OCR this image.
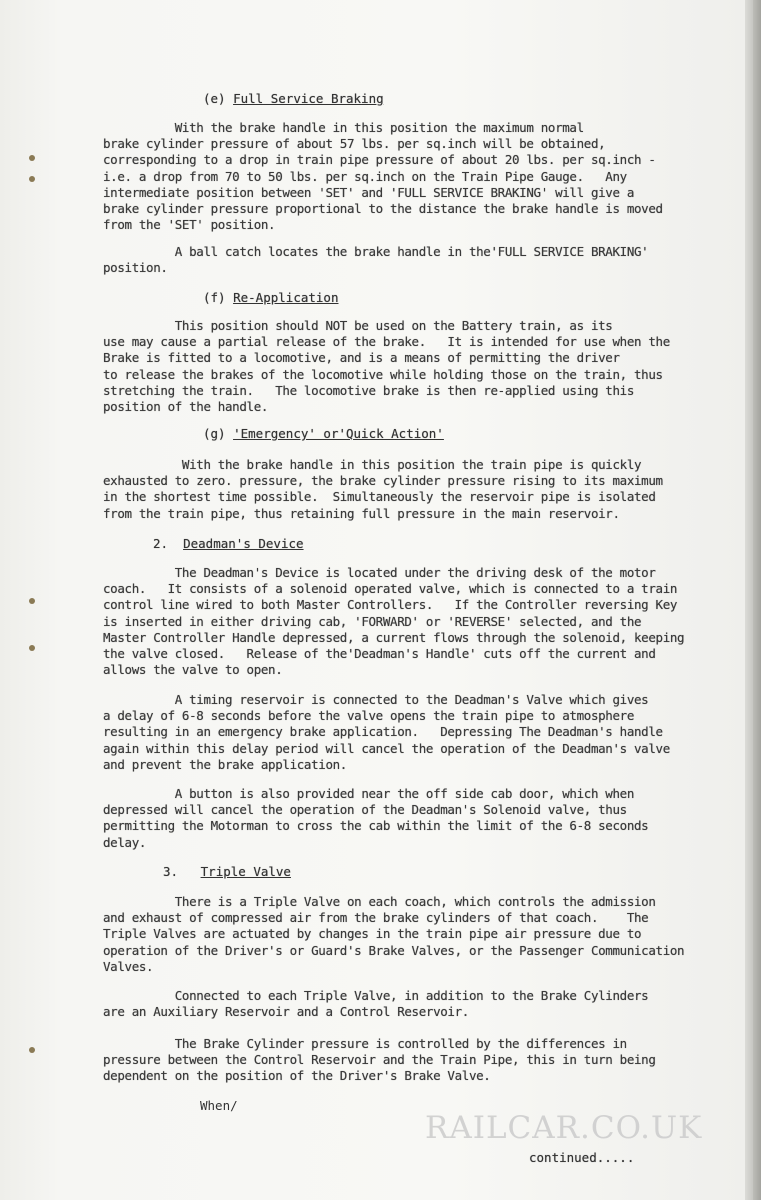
(e) Full Service Braking
With the brake handle in this position the maximum normal
brake cylinder pressure of about 57 lbs. per sq.inch will be obtained,
corresponding to a drop in train pipe pressure of about 20 lbs. per sq.inch -
i.e. a drop from 70 to 50 lbs. per sq.inch on the Train Pipe Gauge.   Any
intermediate position between 'SET' and 'FULL SERVICE BRAKING' will give a
brake cylinder pressure proportional to the distance the brake handle is moved
from the 'SET' position.
A ball catch locates the brake handle in the'FULL SERVICE BRAKING'
position.
(f) Re-Application
This position should NOT be used on the Battery train, as its
use may cause a partial release of the brake.   It is intended for use when the
Brake is fitted to a locomotive, and is a means of permitting the driver
to release the brakes of the locomotive while holding those on the train, thus
stretching the train.   The locomotive brake is then re-applied using this
position of the handle.
(g) 'Emergency' or'Quick Action'
With the brake handle in this position the train pipe is quickly
exhausted to zero. pressure, the brake cylinder pressure rising to its maximum
in the shortest time possible.  Simultaneously the reservoir pipe is isolated
from the train pipe, thus retaining full pressure in the main reservoir.
2.  Deadman's Device
The Deadman's Device is located under the driving desk of the motor
coach.   It consists of a solenoid operated valve, which is connected to a train
control line wired to both Master Controllers.   If the Controller reversing Key
is inserted in either driving cab, 'FORWARD' or 'REVERSE' selected, and the
Master Controller Handle depressed, a current flows through the solenoid, keeping
the valve closed.   Release of the'Deadman's Handle' cuts off the current and
allows the valve to open.
A timing reservoir is connected to the Deadman's Valve which gives
a delay of 6-8 seconds before the valve opens the train pipe to atmosphere
resulting in an emergency brake application.   Depressing The Deadman's handle
again within this delay period will cancel the operation of the Deadman's valve
and prevent the brake application.
A button is also provided near the off side cab door, which when
depressed will cancel the operation of the Deadman's Solenoid valve, thus
permitting the Motorman to cross the cab within the limit of the 6-8 seconds
delay.
3.   Triple Valve
There is a Triple Valve on each coach, which controls the admission
and exhaust of compressed air from the brake cylinders of that coach.    The
Triple Valves are actuated by changes in the train pipe air pressure due to
operation of the Driver's or Guard's Brake Valves, or the Passenger Communication
Valves.
Connected to each Triple Valve, in addition to the Brake Cylinders
are an Auxiliary Reservoir and a Control Reservoir.
The Brake Cylinder pressure is controlled by the differences in
pressure between the Control Reservoir and the Train Pipe, this in turn being
dependent on the position of the Driver's Brake Valve.
When/
RAILCAR.CO.UK
continued.....
